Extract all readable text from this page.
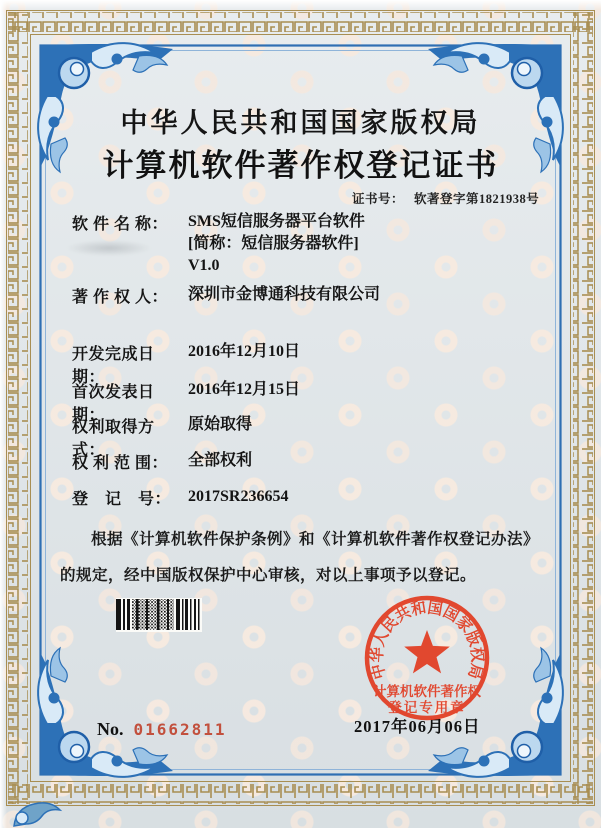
中华人民共和国国家版权局
计算机软件著作权登记证书
证书号： 软著登字第1821938号
软 件 名 称： SMS短信服务器平台软件
[简称：短信服务器软件]
V1.0
著 作 权 人： 深圳市金博通科技有限公司
开发完成日期： 2016年12月10日
首次发表日期： 2016年12月15日
权利取得方式： 原始取得
权 利 范 围： 全部权利
登　记　号： 2017SR236654
根据《计算机软件保护条例》和《计算机软件著作权登记办法》的规定，经中国版权保护中心审核，对以上事项予以登记。
No. 01662811	2017年06月06日
中华人民共和国国家版权局
计算机软件著作权
登记专用章
